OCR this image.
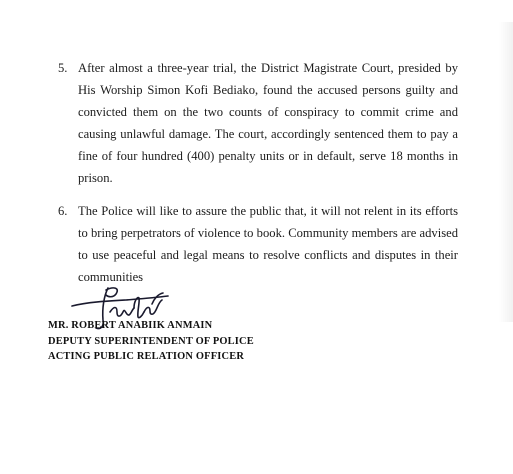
5. After almost a three-year trial, the District Magistrate Court, presided by His Worship Simon Kofi Bediako, found the accused persons guilty and convicted them on the two counts of conspiracy to commit crime and causing unlawful damage. The court, accordingly sentenced them to pay a fine of four hundred (400) penalty units or in default, serve 18 months in prison.
6. The Police will like to assure the public that, it will not relent in its efforts to bring perpetrators of violence to book. Community members are advised to use peaceful and legal means to resolve conflicts and disputes in their communities
MR. ROBERT ANABIIK ANMAIN
DEPUTY SUPERINTENDENT OF POLICE
ACTING PUBLIC RELATION OFFICER
